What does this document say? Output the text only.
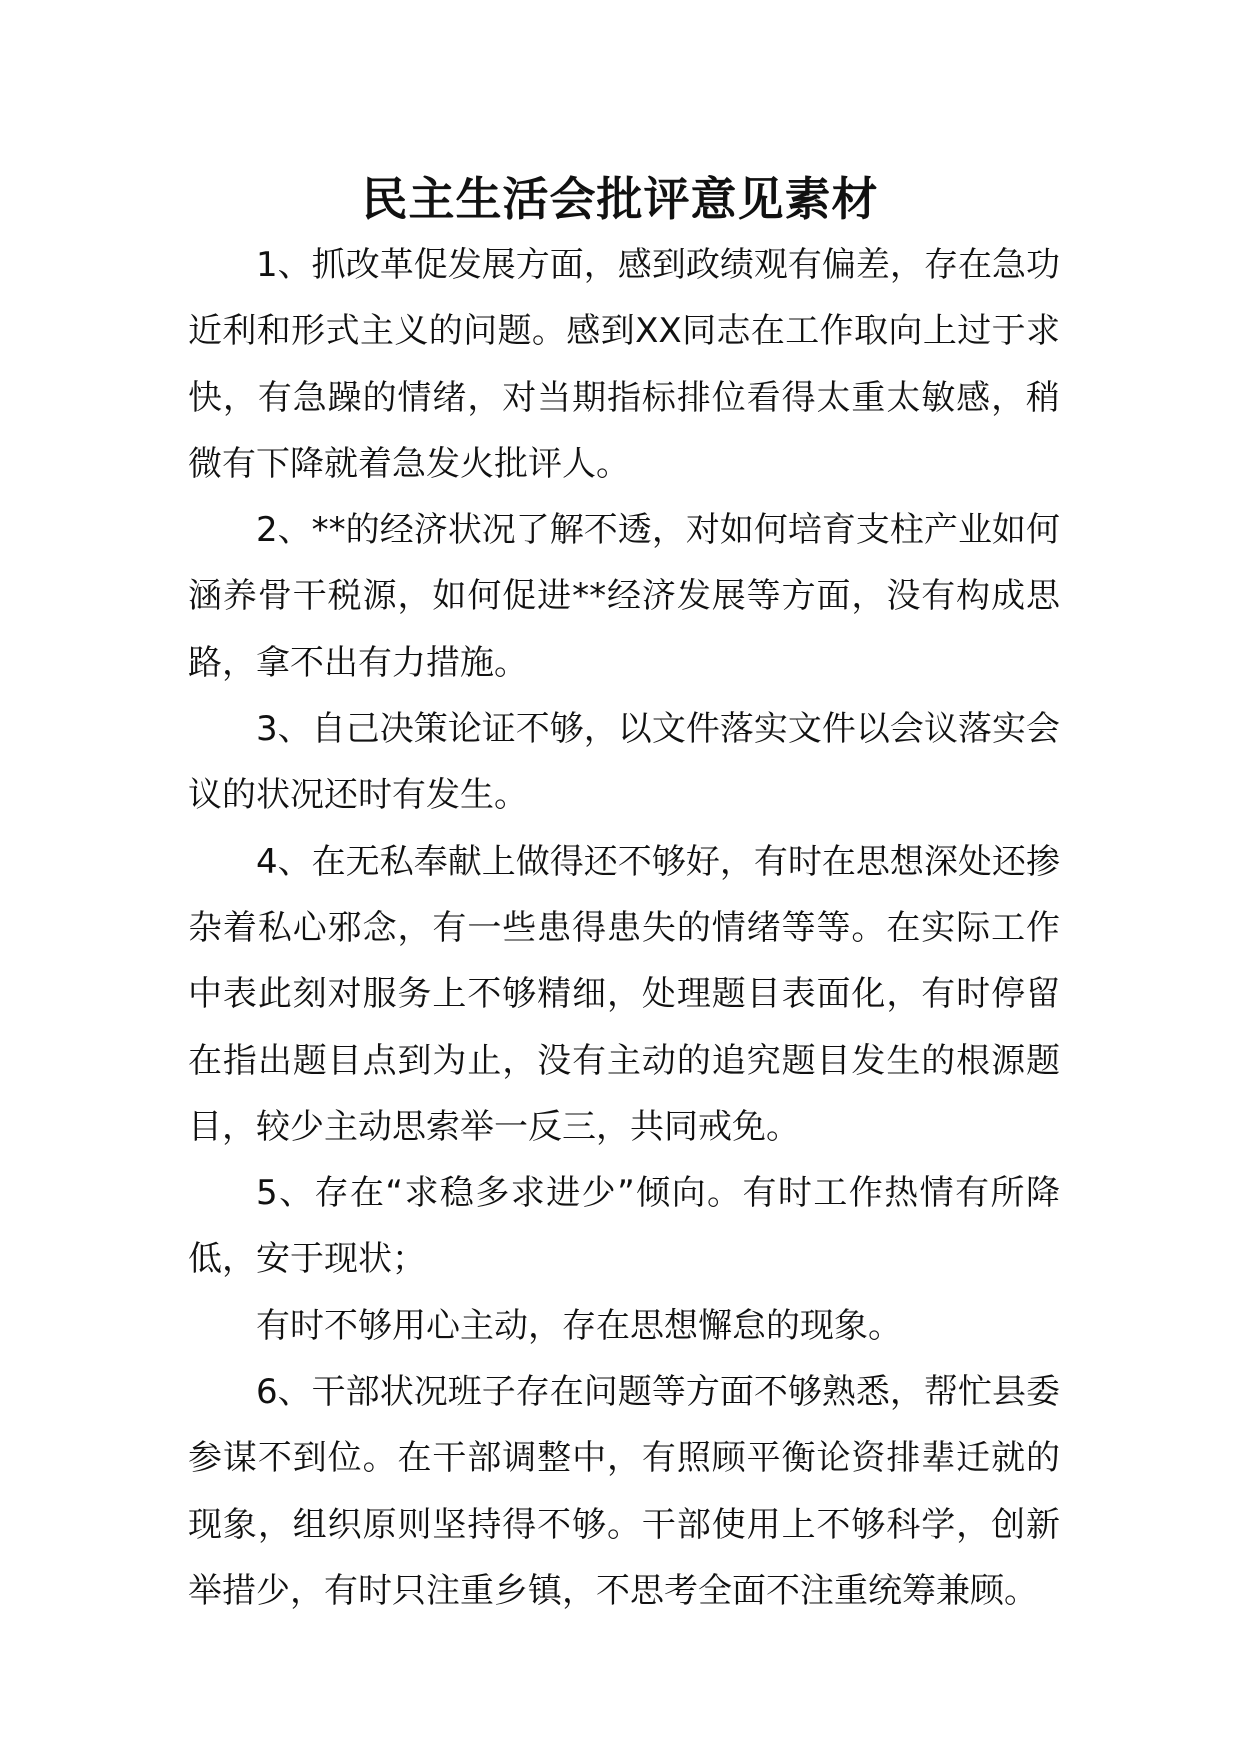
民主生活会批评意见素材

1、抓改革促发展方面，感到政绩观有偏差，存在急功近利和形式主义的问题。感到XX同志在工作取向上过于求快，有急躁的情绪，对当期指标排位看得太重太敏感，稍微有下降就着急发火批评人。

2、**的经济状况了解不透，对如何培育支柱产业如何涵养骨干税源，如何促进**经济发展等方面，没有构成思路，拿不出有力措施。

3、自己决策论证不够，以文件落实文件以会议落实会议的状况还时有发生。

4、在无私奉献上做得还不够好，有时在思想深处还掺杂着私心邪念，有一些患得患失的情绪等等。在实际工作中表此刻对服务上不够精细，处理题目表面化，有时停留在指出题目点到为止，没有主动的追究题目发生的根源题目，较少主动思索举一反三，共同戒免。

5、存在“求稳多求进少”倾向。有时工作热情有所降低，安于现状；

有时不够用心主动，存在思想懈怠的现象。

6、干部状况班子存在问题等方面不够熟悉，帮忙县委参谋不到位。在干部调整中，有照顾平衡论资排辈迁就的现象，组织原则坚持得不够。干部使用上不够科学，创新举措少，有时只注重乡镇，不思考全面不注重统筹兼顾。
